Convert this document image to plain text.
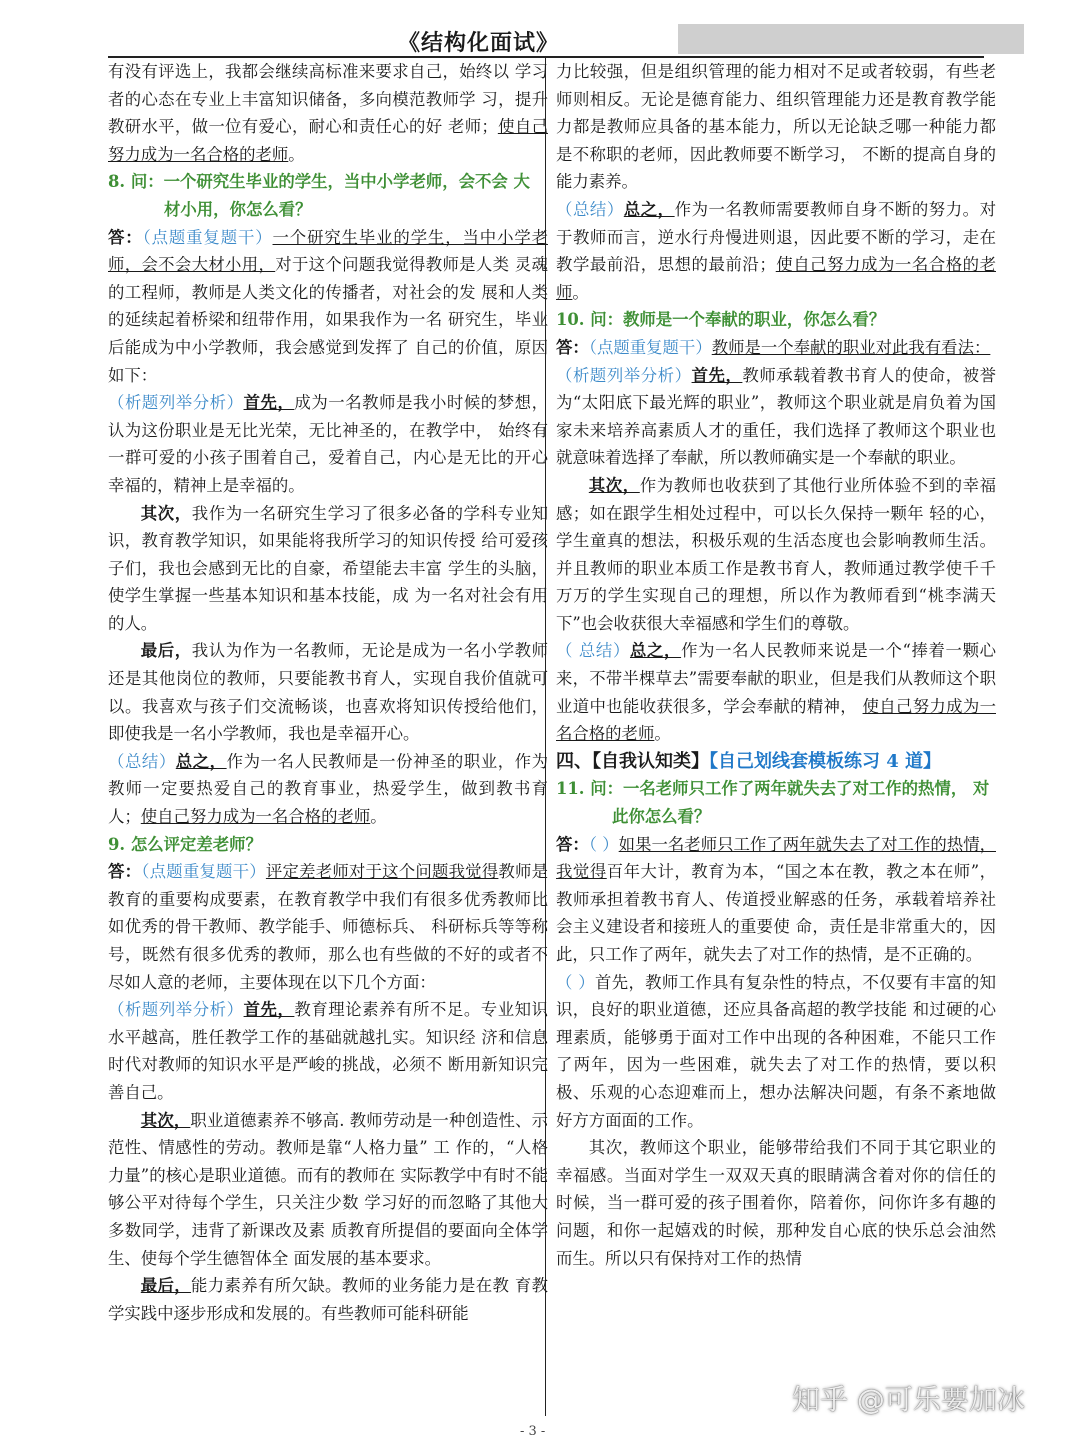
《结构化面试》

有没有评选上，我都会继续高标准来要求自己，始终以 学习者的心态在专业上丰富知识储备，多向模范教师学 习，提升教研水平，做一位有爱心，耐心和责任心的好 老师；使自己努力成为一名合格的老师。

8. 问：一个研究生毕业的学生，当中小学老师，会不会 大

材小用，你怎么看？

答：（点题重复题干）一个研究生毕业的学生，当中小学老师，会不会大材小用，对于这个问题我觉得教师是人类 灵魂的工程师，教师是人类文化的传播者，对社会的发 展和人类的延续起着桥梁和纽带作用，如果我作为一名 研究生，毕业后能成为中小学教师，我会感觉到发挥了 自己的价值，原因如下：

（析题列举分析）首先，成为一名教师是我小时候的梦想，认为这份职业是无比光荣，无比神圣的，在教学中， 始终有一群可爱的小孩子围着自己，爱着自己，内心是无比的开心幸福的，精神上是幸福的。

其次，我作为一名研究生学习了很多必备的学科专业知识，教育教学知识，如果能将我所学习的知识传授 给可爱孩子们，我也会感到无比的自豪，希望能去丰富 学生的头脑，使学生掌握一些基本知识和基本技能，成 为一名对社会有用的人。

最后，我认为作为一名教师，无论是成为一名小学教师还是其他岗位的教师，只要能教书育人，实现自我价值就可以。我喜欢与孩子们交流畅谈，也喜欢将知识传授给他们，即使我是一名小学教师，我也是幸福开心。

（总结）总之，作为一名人民教师是一份神圣的职业，作为教师一定要热爱自己的教育事业，热爱学生，做到教书育人；使自己努力成为一名合格的老师。

9. 怎么评定差老师？

答：（点题重复题干）评定差老师对于这个问题我觉得教师是教育的重要构成要素，在教育教学中我们有很多优秀教师比如优秀的骨干教师、教学能手、师德标兵、 科研标兵等等称号，既然有很多优秀的教师，那么也有些做的不好的或者不尽如人意的老师，主要体现在以下几个方面：

（析题列举分析）首先，教育理论素养有所不足。专业知识水平越高，胜任教学工作的基础就越扎实。知识经 济和信息时代对教师的知识水平是严峻的挑战，必须不 断用新知识完善自己。

其次，职业道德素养不够高. 教师劳动是一种创造性、示范性、情感性的劳动。教师是靠“人格力量” 工 作的，“人格力量”的核心是职业道德。而有的教师在 实际教学中有时不能够公平对待每个学生，只关注少数 学习好的而忽略了其他大多数同学，违背了新课改及素 质教育所提倡的要面向全体学生、使每个学生德智体全 面发展的基本要求。

最后，能力素养有所欠缺。教师的业务能力是在教 育教学实践中逐步形成和发展的。有些教师可能科研能

力比较强，但是组织管理的能力相对不足或者较弱，有些老师则相反。无论是德育能力、组织管理能力还是教育教学能力都是教师应具备的基本能力，所以无论缺乏哪一种能力都是不称职的老师，因此教师要不断学习， 不断的提高自身的能力素养。

（总结）总之，作为一名教师需要教师自身不断的努力。对于教师而言，逆水行舟慢进则退，因此要不断的学习，走在教学最前沿，思想的最前沿；使自己努力成为一名合格的老师。

10. 问：教师是一个奉献的职业，你怎么看？

答：（点题重复题干）教师是一个奉献的职业对此我有看法：

（析题列举分析）首先，教师承载着教书育人的使命，被誉为“太阳底下最光辉的职业”，教师这个职业就是肩负着为国家未来培养高素质人才的重任，我们选择了教师这个职业也就意味着选择了奉献，所以教师确实是一个奉献的职业。

其次，作为教师也收获到了其他行业所体验不到的幸福感；如在跟学生相处过程中，可以长久保持一颗年 轻的心，学生童真的想法，积极乐观的生活态度也会影响教师生活。并且教师的职业本质工作是教书育人，教师通过教学使千千万万的学生实现自己的理想，所以作为教师看到“桃李满天下”也会收获很大幸福感和学生们的尊敬。

（ 总结）总之，作为一名人民教师来说是一个“捧着一颗心来，不带半棵草去”需要奉献的职业，但是我们从教师这个职业道中也能收获很多，学会奉献的精神， 使自己努力成为一名合格的老师。

四、【自我认知类】【自己划线套模板练习 4 道】

11. 问：一名老师只工作了两年就失去了对工作的热情， 对

此你怎么看？

答：（ ）如果一名老师只工作了两年就失去了对工作的热情，我觉得百年大计，教育为本，“国之本在教，教之本在师”，教师承担着教书育人、传道授业解惑的任务，承载着培养社会主义建设者和接班人的重要使 命，责任是非常重大的，因此，只工作了两年，就失去了对工作的热情，是不正确的。

（ ）首先，教师工作具有复杂性的特点，不仅要有丰富的知识，良好的职业道德，还应具备高超的教学技能 和过硬的心理素质，能够勇于面对工作中出现的各种困难，不能只工作了两年，因为一些困难，就失去了对工作的热情，要以积极、乐观的心态迎难而上，想办法解决问题，有条不紊地做好方方面面的工作。

其次，教师这个职业，能够带给我们不同于其它职业的幸福感。当面对学生一双双天真的眼睛满含着对你的信任的时候，当一群可爱的孩子围着你，陪着你，问你许多有趣的问题，和你一起嬉戏的时候，那种发自心底的快乐总会油然而生。所以只有保持对工作的热情

知乎 @可乐要加冰
- 3 -
